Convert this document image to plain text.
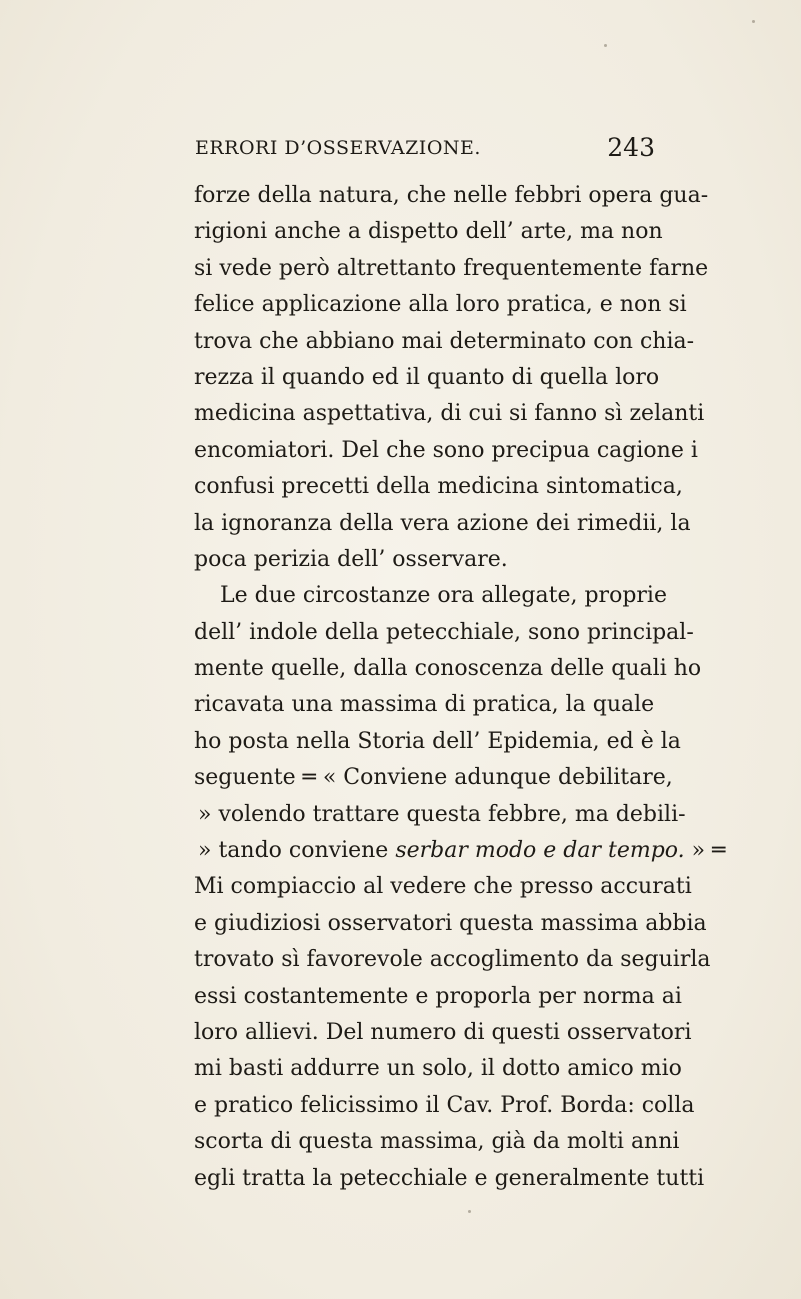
ERRORI D’OSSERVAZIONE.	243
forze della natura, che nelle febbri opera gua-
rigioni anche a dispetto dell’ arte, ma non
si vede però altrettanto frequentemente farne
felice applicazione alla loro pratica, e non si
trova che abbiano mai determinato con chia-
rezza il quando ed il quanto di quella loro
medicina aspettativa, di cui si fanno sì zelanti
encomiatori. Del che sono precipua cagione i
confusi precetti della medicina sintomatica,
la ignoranza della vera azione dei rimedii, la
poca perizia dell’ osservare.
Le due circostanze ora allegate, proprie
dell’ indole della petecchiale, sono principal-
mente quelle, dalla conoscenza delle quali ho
ricavata una massima di pratica, la quale
ho posta nella Storia dell’ Epidemia, ed è la
seguente ═ « Conviene adunque debilitare,
» volendo trattare questa febbre, ma debili-
» tando conviene serbar modo e dar tempo. » ═
Mi compiaccio al vedere che presso accurati
e giudiziosi osservatori questa massima abbia
trovato sì favorevole accoglimento da seguirla
essi costantemente e proporla per norma ai
loro allievi. Del numero di questi osservatori
mi basti addurre un solo, il dotto amico mio
e pratico felicissimo il Cav. Prof. Borda: colla
scorta di questa massima, già da molti anni
egli tratta la petecchiale e generalmente tutti
